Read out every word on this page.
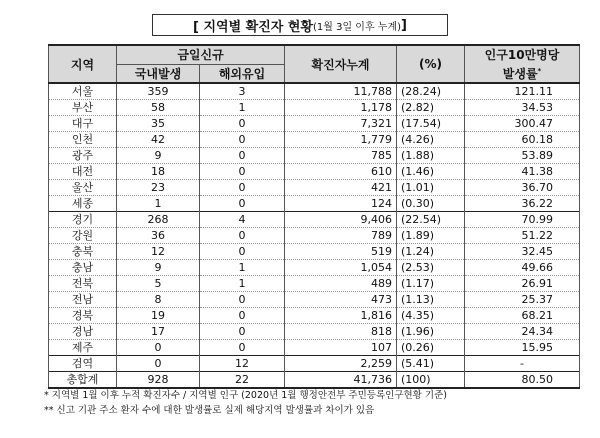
[ 지역별 확진자 현황 (1월 3일 이후 누계) ]
지역	금일신규		확진자누계	(%)	인구10만명당
발생률*
	국내발생	해외유입			
서울	359	3	11,788	(28.24)	121.11
부산	58	1	1,178	(2.82)	34.53
대구	35	0	7,321	(17.54)	300.47
인천	42	0	1,779	(4.26)	60.18
광주	9	0	785	(1.88)	53.89
대전	18	0	610	(1.46)	41.38
울산	23	0	421	(1.01)	36.70
세종	1	0	124	(0.30)	36.22
경기	268	4	9,406	(22.54)	70.99
강원	36	0	789	(1.89)	51.22
충북	12	0	519	(1.24)	32.45
충남	9	1	1,054	(2.53)	49.66
전북	5	1	489	(1.17)	26.91
전남	8	0	473	(1.13)	25.37
경북	19	0	1,816	(4.35)	68.21
경남	17	0	818	(1.96)	24.34
제주	0	0	107	(0.26)	15.95
검역	0	12	2,259	(5.41)	-
총합계	928	22	41,736	(100)	80.50
* 지역별 1월 이후 누적 확진자수 / 지역별 인구 (2020년 1월 행정안전부 주민등록인구현황 기준)
** 신고 기관 주소 환자 수에 대한 발생률로 실제 해당지역 발생률과 차이가 있음
